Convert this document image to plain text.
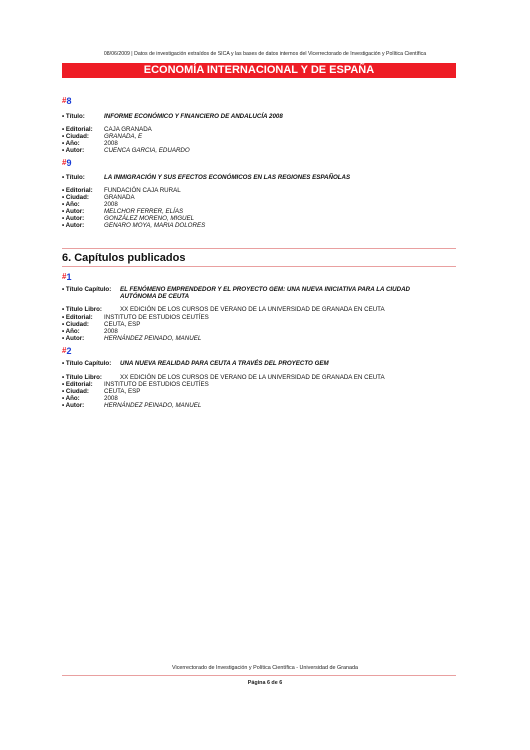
08/06/2009 | Datos de investigación extraídos de SICA y las bases de datos internos del Vicerrectorado de Investigación y Política Científica
ECONOMÍA INTERNACIONAL Y DE ESPAÑA
#8
• Título:	INFORME ECONÓMICO Y FINANCIERO DE ANDALUCÍA 2008
• Editorial: CAJA GRANADA
• Ciudad: GRANADA, E
• Año:	2008
• Autor:	CUENCA GARCIA, EDUARDO
#9
• Título:	LA INMIGRACIÓN Y SUS EFECTOS ECONÓMICOS EN LAS REGIONES ESPAÑOLAS
• Editorial: FUNDACIÓN CAJA RURAL
• Ciudad: GRANADA
• Año:	2008
• Autor:	MELCHOR FERRER, ELÍAS
• Autor:	GONZÁLEZ MORENO, MIGUEL
• Autor:	GENARO MOYA, MARIA DOLORES
6. Capítulos publicados
#1
• Título Capítulo: EL FENÓMENO EMPRENDEDOR Y EL PROYECTO GEM: UNA NUEVA INICIATIVA PARA LA CIUDAD
AUTÓNOMA DE CEUTA
• Título Libro:	XX EDICIÓN DE LOS CURSOS DE VERANO DE LA UNIVERSIDAD DE GRANADA EN CEUTA
• Editorial: INSTITUTO DE ESTUDIOS CEUTÍES
• Ciudad: CEUTA, ESP
• Año:	2008
• Autor:	HERNÁNDEZ PEINADO, MANUEL
#2
• Título Capítulo: UNA NUEVA REALIDAD PARA CEUTA A TRAVÉS DEL PROYECTO GEM
• Título Libro:	XX EDICIÓN DE LOS CURSOS DE VERANO DE LA UNIVERSIDAD DE GRANADA EN CEUTA
• Editorial: INSTITUTO DE ESTUDIOS CEUTÍES
• Ciudad: CEUTA, ESP
• Año:	2008
• Autor:	HERNÁNDEZ PEINADO, MANUEL
Vicerrectorado de Investigación y Política Científica - Universidad de Granada
Página 6 de 6
